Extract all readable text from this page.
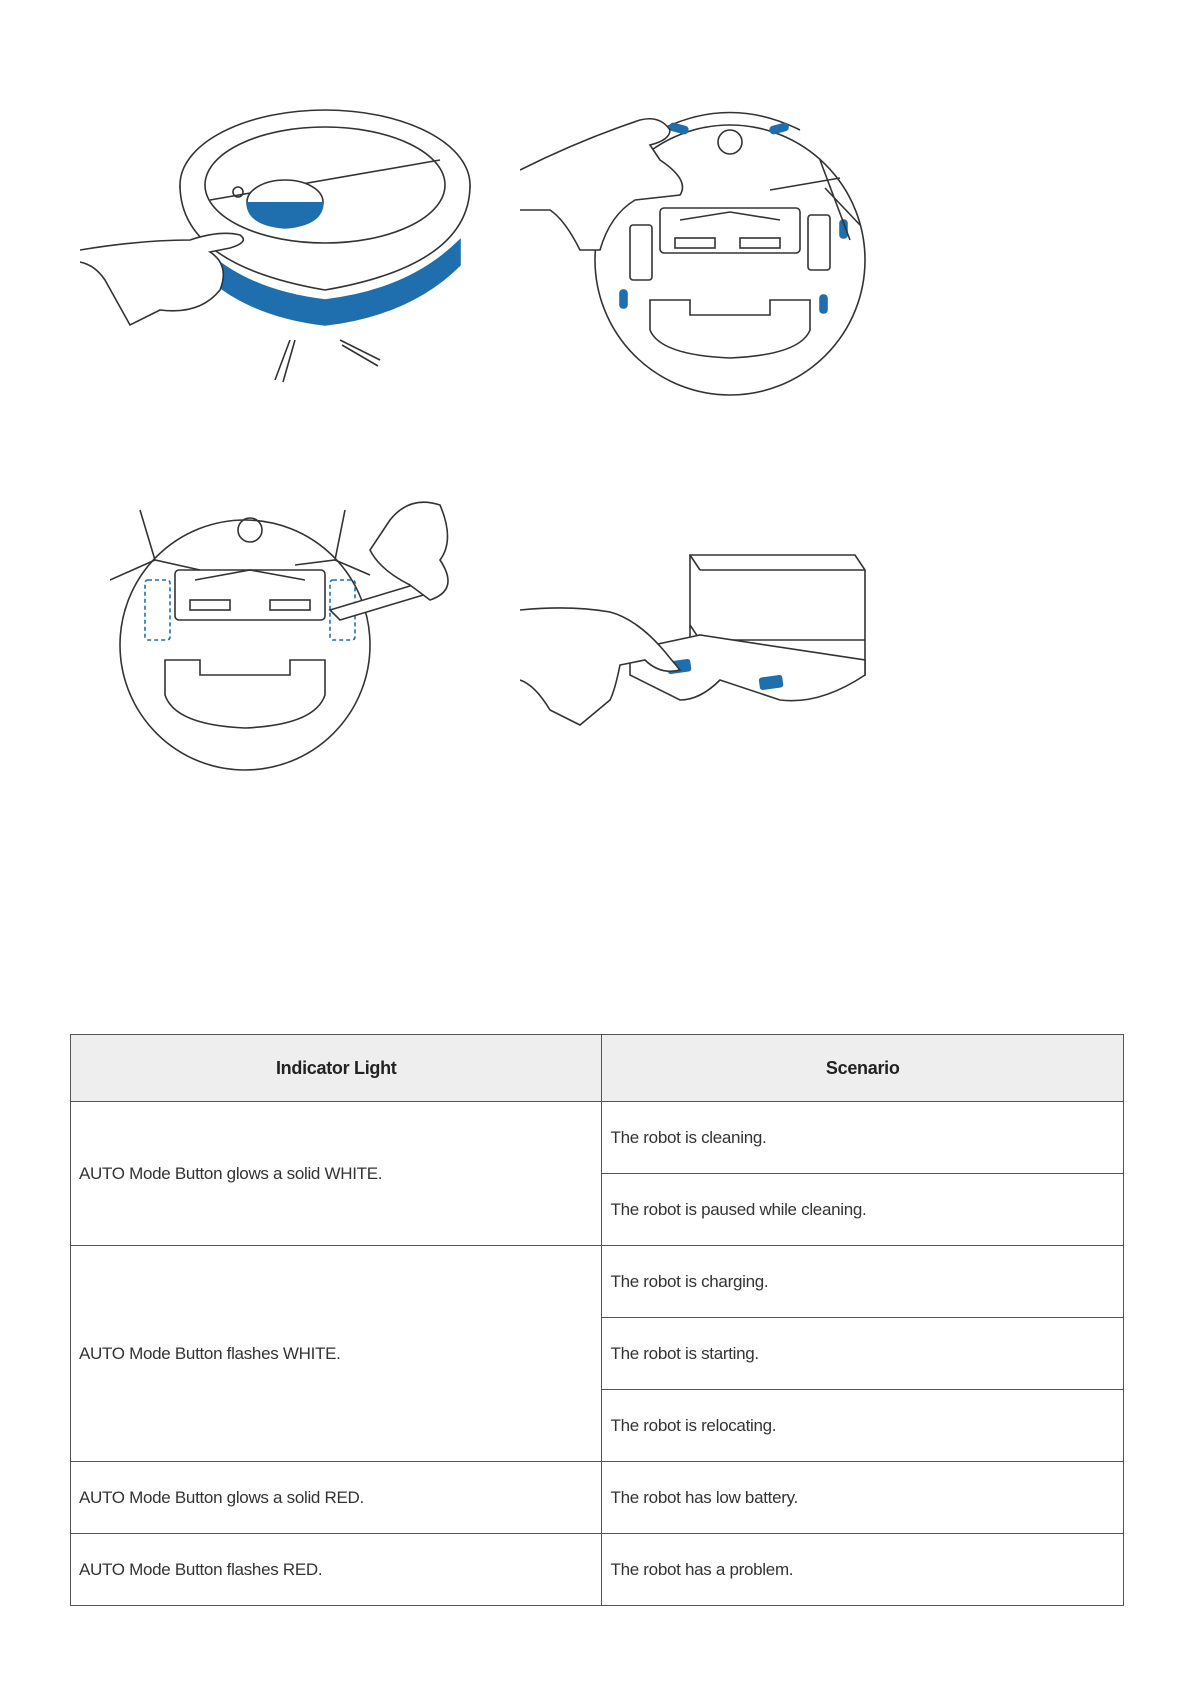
Indicator Light	Scenario
AUTO Mode Button glows a solid WHITE.	The robot is cleaning.
	The robot is paused while cleaning.
AUTO Mode Button flashes WHITE.	The robot is charging.
	The robot is starting.
	The robot is relocating.
AUTO Mode Button glows a solid RED.	The robot has low battery.
AUTO Mode Button flashes RED.	The robot has a problem.
